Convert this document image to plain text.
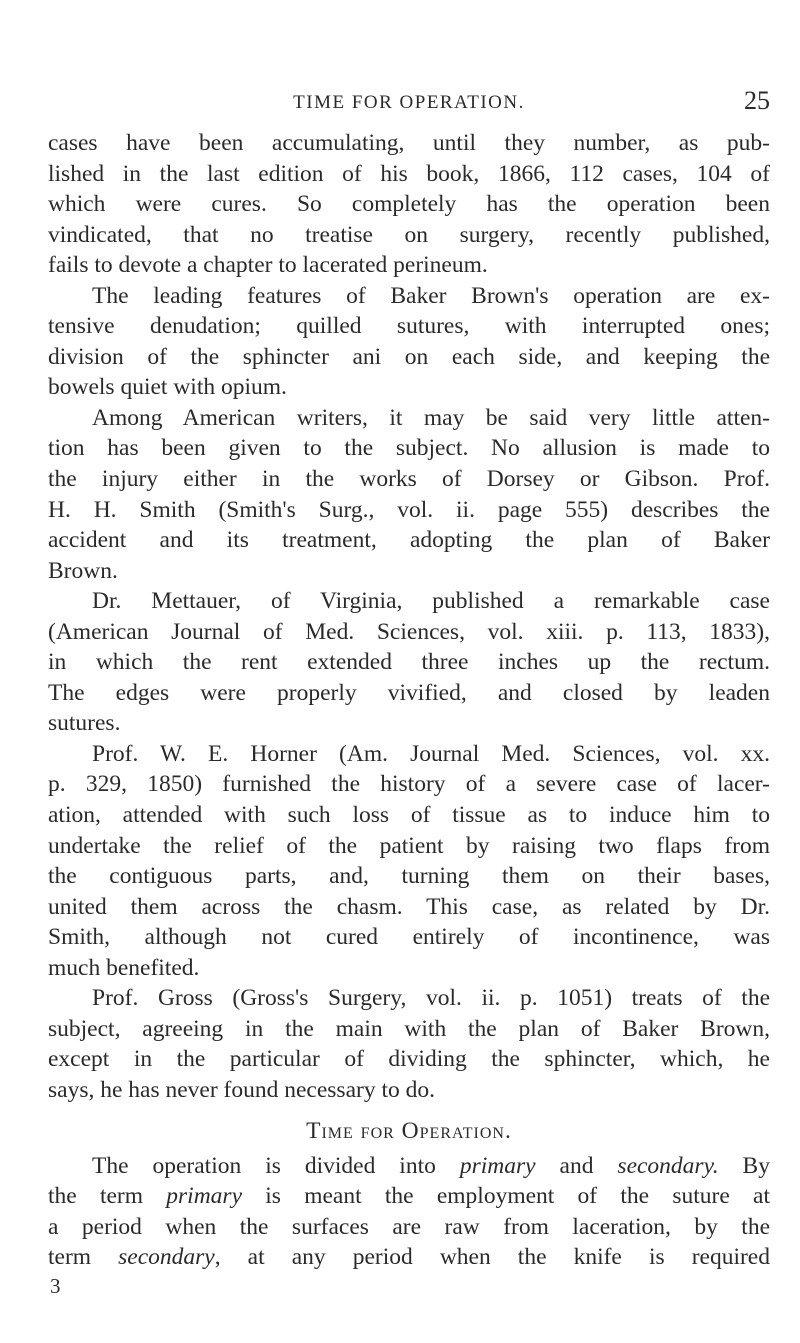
TIME FOR OPERATION.	25
cases have been accumulating, until they number, as pub-
lished in the last edition of his book, 1866, 112 cases, 104 of
which were cures. So completely has the operation been
vindicated, that no treatise on surgery, recently published,
fails to devote a chapter to lacerated perineum.
The leading features of Baker Brown's operation are ex-
tensive denudation; quilled sutures, with interrupted ones;
division of the sphincter ani on each side, and keeping the
bowels quiet with opium.
Among American writers, it may be said very little atten-
tion has been given to the subject. No allusion is made to
the injury either in the works of Dorsey or Gibson. Prof.
H. H. Smith (Smith's Surg., vol. ii. page 555) describes the
accident and its treatment, adopting the plan of Baker
Brown.
Dr. Mettauer, of Virginia, published a remarkable case
(American Journal of Med. Sciences, vol. xiii. p. 113, 1833),
in which the rent extended three inches up the rectum.
The edges were properly vivified, and closed by leaden
sutures.
Prof. W. E. Horner (Am. Journal Med. Sciences, vol. xx.
p. 329, 1850) furnished the history of a severe case of lacer-
ation, attended with such loss of tissue as to induce him to
undertake the relief of the patient by raising two flaps from
the contiguous parts, and, turning them on their bases,
united them across the chasm. This case, as related by Dr.
Smith, although not cured entirely of incontinence, was
much benefited.
Prof. Gross (Gross's Surgery, vol. ii. p. 1051) treats of the
subject, agreeing in the main with the plan of Baker Brown,
except in the particular of dividing the sphincter, which, he
says, he has never found necessary to do.
Time for Operation.
The operation is divided into primary and secondary. By
the term primary is meant the employment of the suture at
a period when the surfaces are raw from laceration, by the
term secondary, at any period when the knife is required
3
